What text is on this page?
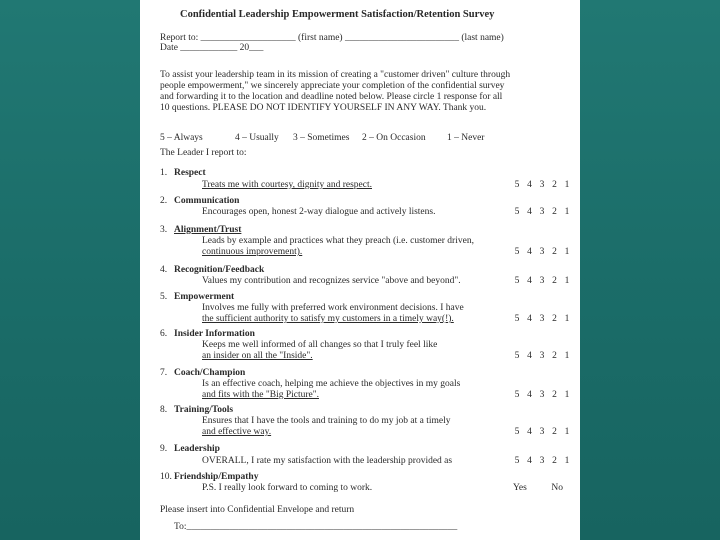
Confidential Leadership Empowerment Satisfaction/Retention Survey
Report to: ____________________ (first name) ________________________ (last name)
Date ____________ 20___
To assist your leadership team in its mission of creating a "customer driven" culture through
people empowerment," we sincerely appreciate your completion of the confidential survey
and forwarding it to the location and deadline noted below. Please circle 1 response for all
10 questions. PLEASE DO NOT IDENTIFY YOURSELF IN ANY WAY. Thank you.
5 – Always	4 – Usually 3 – Sometimes 2 – On Occasion 1 – Never
The Leader I report to:
1. Respect
Treats me with courtesy, dignity and respect.	5 4 3 2 1
2. Communication
Encourages open, honest 2-way dialogue and actively listens.	5 4 3 2 1
3. Alignment/Trust
Leads by example and practices what they preach (i.e. customer driven,
continuous improvement).	5 4 3 2 1
4. Recognition/Feedback
Values my contribution and recognizes service "above and beyond".	5 4 3 2 1
5. Empowerment
Involves me fully with preferred work environment decisions. I have
the sufficient authority to satisfy my customers in a timely way(!).	5 4 3 2 1
6. Insider Information
Keeps me well informed of all changes so that I truly feel like
an insider on all the "Inside".	5 4 3 2 1
7. Coach/Champion
Is an effective coach, helping me achieve the objectives in my goals
and fits with the "Big Picture".	5 4 3 2 1
8. Training/Tools
Ensures that I have the tools and training to do my job at a timely
and effective way.	5 4 3 2 1
9. Leadership
OVERALL, I rate my satisfaction with the leadership provided as	5 4 3 2 1
10. Friendship/Empathy
P.S. I really look forward to coming to work.	Yes	No
Please insert into Confidential Envelope and return
To:_________________________________________________________
